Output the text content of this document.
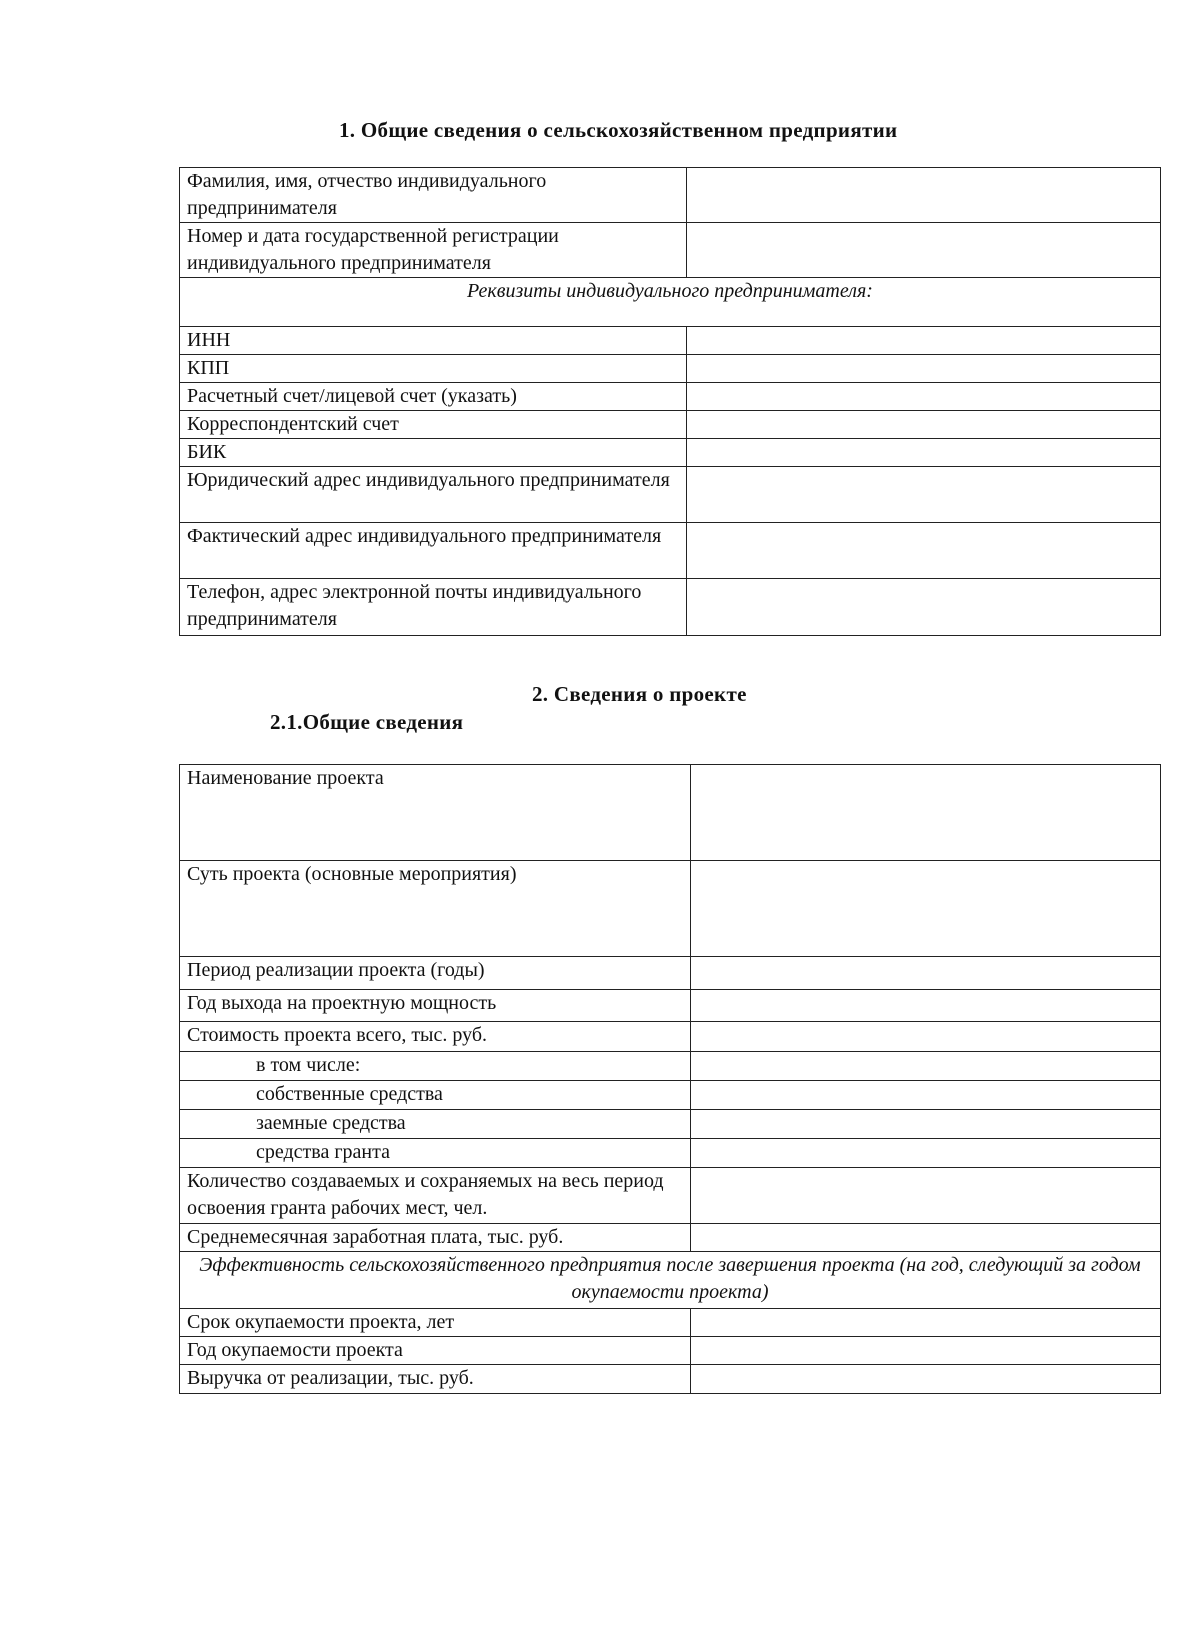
1. Общие сведения о сельскохозяйственном предприятии
Фамилия, имя, отчество индивидуального предпринимателя	

Номер и дата государственной регистрации индивидуального предпринимателя	

Реквизиты индивидуального предпринимателя:	
ИНН	

КПП	

Расчетный счет/лицевой счет (указать)	

Корреспондентский счет	

БИК	

Юридический адрес индивидуального предпринимателя	

Фактический адрес индивидуального предпринимателя	

Телефон, адрес электронной почты индивидуального предпринимателя	
2. Сведения о проекте
2.1.Общие сведения
Наименование проекта	

Суть проекта (основные мероприятия)	

Период реализации проекта (годы)	

Год выхода на проектную мощность	

Стоимость проекта всего, тыс. руб.	

в том числе:	

собственные средства	

заемные средства	

средства гранта	

Количество создаваемых и сохраняемых на весь период освоения гранта рабочих мест, чел.	

Среднемесячная заработная плата, тыс. руб.	

Эффективность сельскохозяйственного предприятия после завершения проекта (на год, следующий за годом окупаемости проекта)	
Срок окупаемости проекта, лет	

Год окупаемости проекта	

Выручка от реализации, тыс. руб.	
